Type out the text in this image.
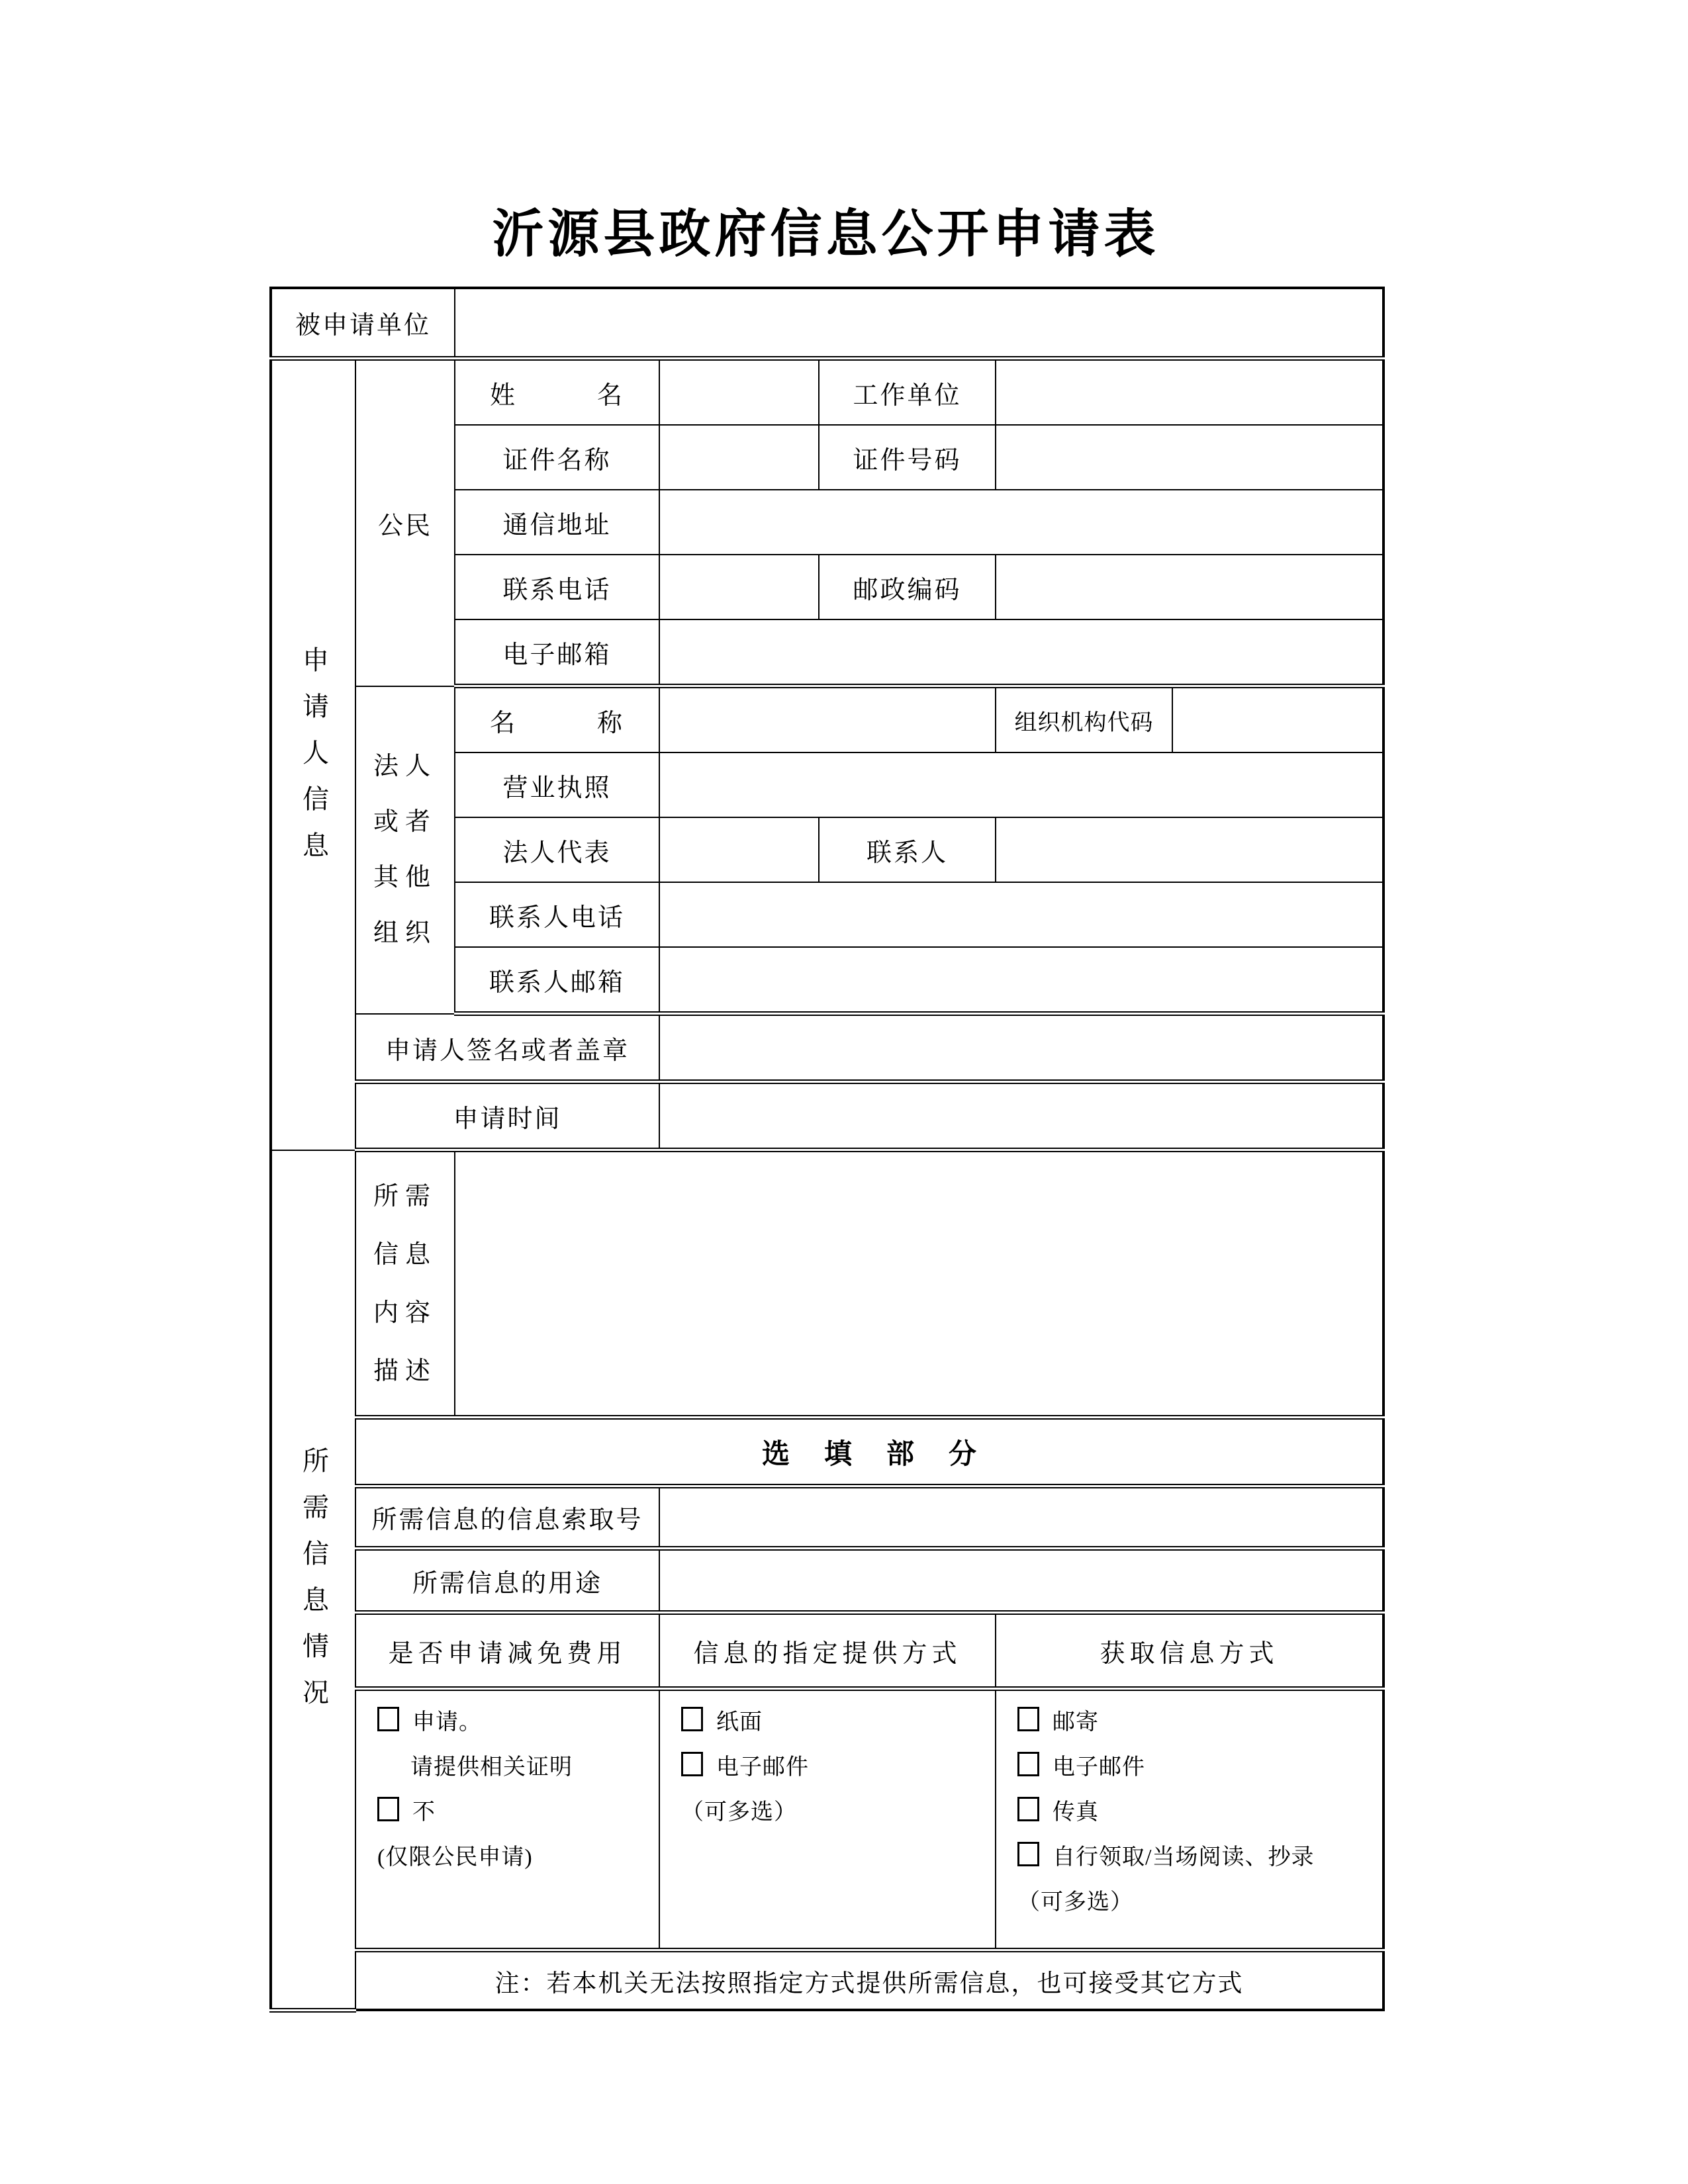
沂源县政府信息公开申请表
被申请单位						
申请人信息	公民	姓 名		工作单位		
		证件名称		证件号码		
		通信地址				
		联系电话		邮政编码		
		电子邮箱				

	法人或者其他组织	名 称			组织机构代码	
		营业执照				
		法人代表		联系人		
		联系人电话				
		联系人邮箱				
	申请人签名或者盖章					
	申请时间					
所需信息情况	所需信息内容描述					

	选填部分					
	所需信息的信息索取号					
	所需信息的用途					
	是否申请减免费用		信息的指定提供方式		获取信息方式	

申请。
请提供相关证明
不
(仅限公民申请)

纸面
电子邮件
（可多选）

邮寄
电子邮件
传真
自行领取/当场阅读、抄录
（可多选）

	注：若本机关无法按照指定方式提供所需信息，也可接受其它方式					
